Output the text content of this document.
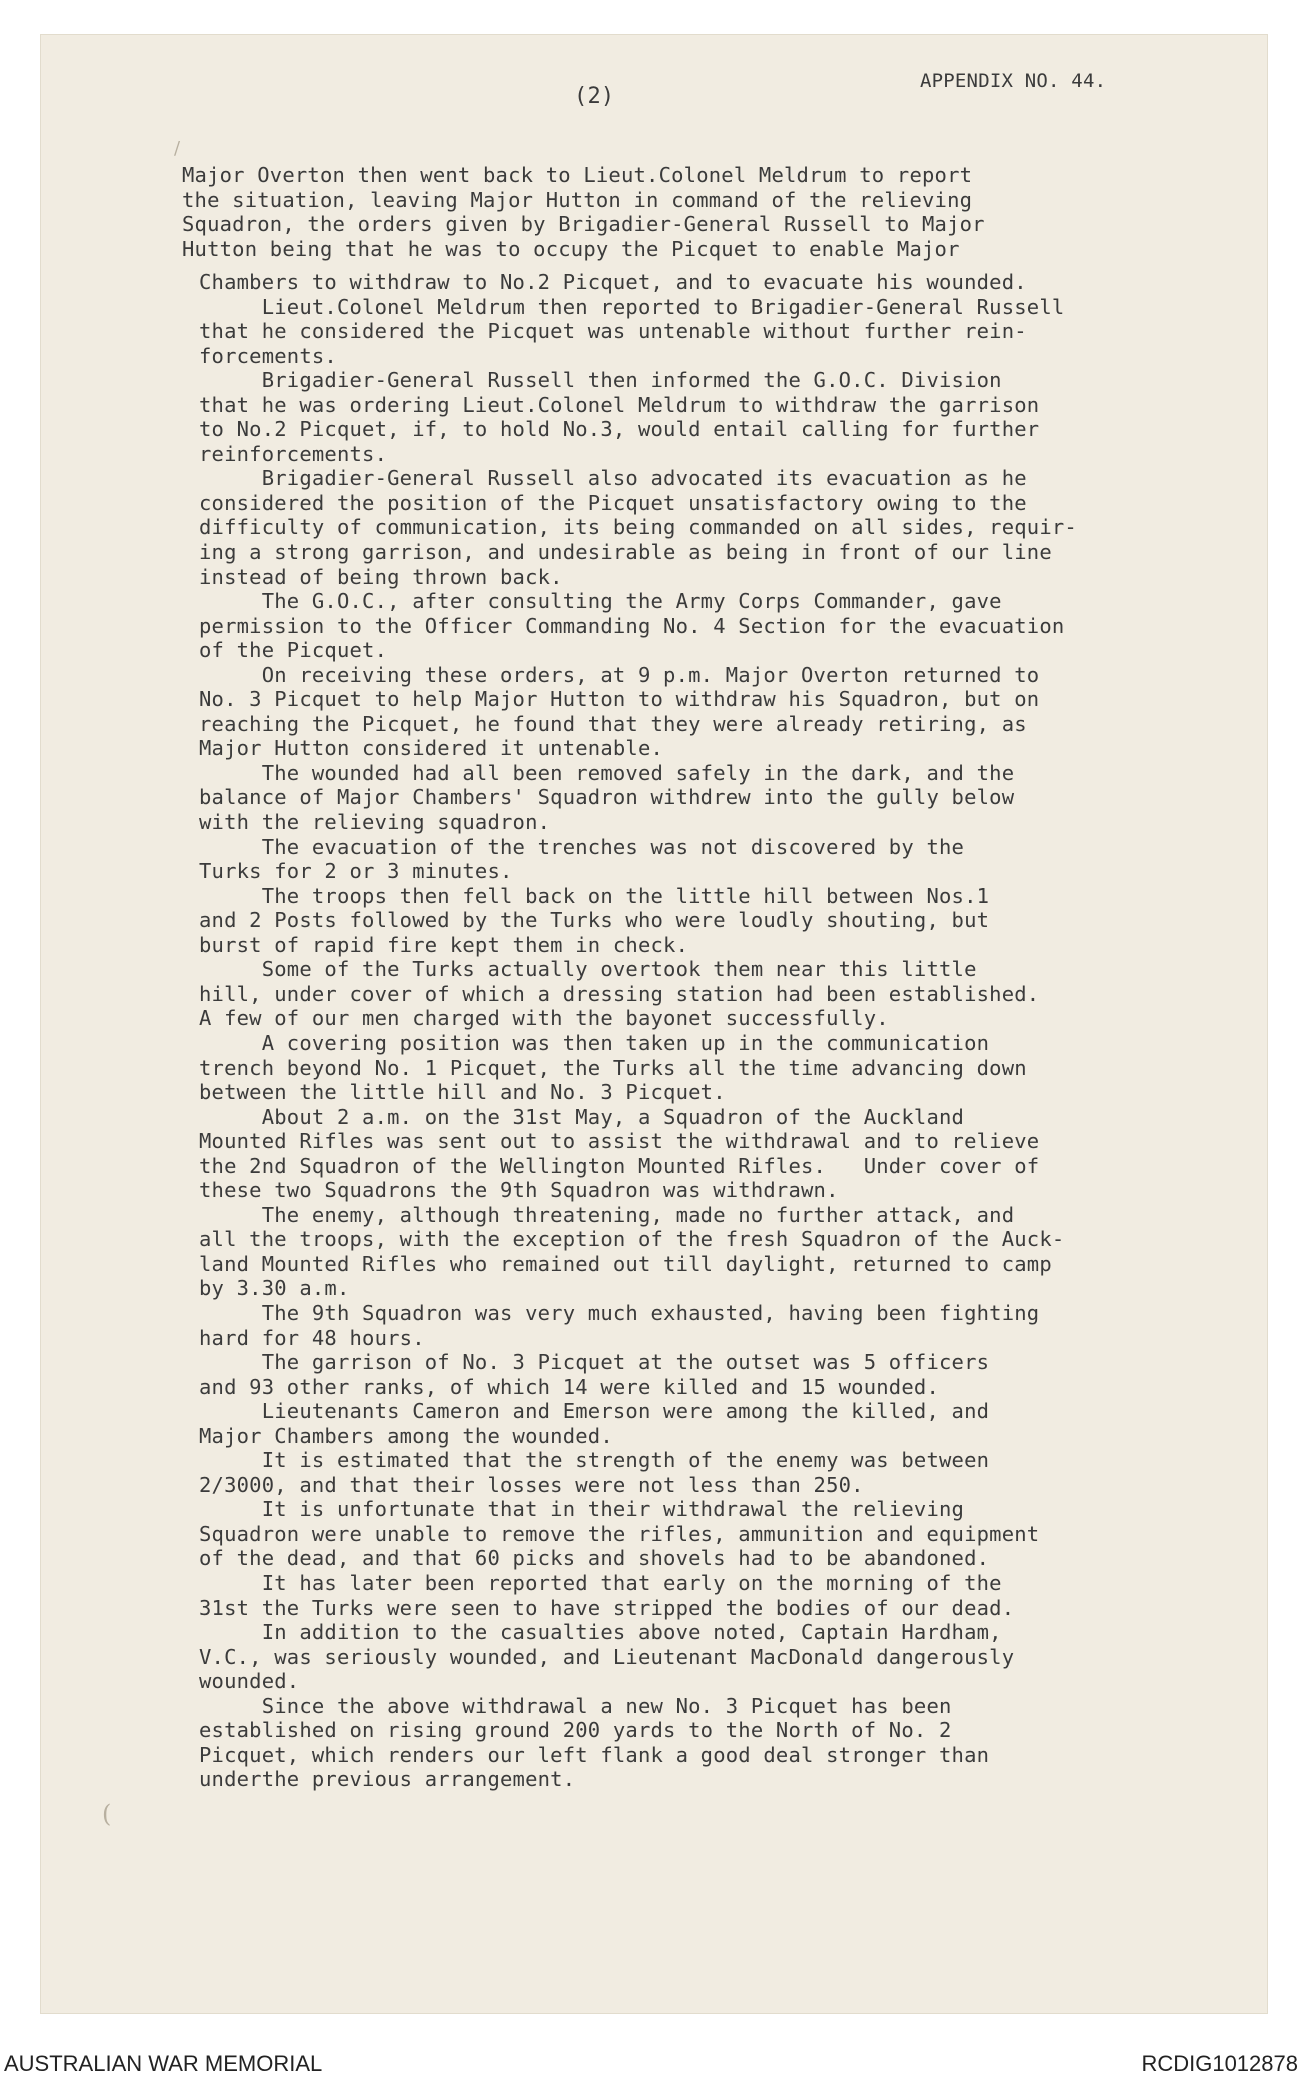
/
(
APPENDIX NO. 44.
(2)
Major Overton then went back to Lieut.Colonel Meldrum to report
the situation, leaving Major Hutton in command of the relieving
Squadron, the orders given by Brigadier-General Russell to Major
Hutton being that he was to occupy the Picquet to enable Major
Chambers to withdraw to No.2 Picquet, and to evacuate his wounded.
Lieut.Colonel Meldrum then reported to Brigadier-General Russell
that he considered the Picquet was untenable without further rein-
forcements.
Brigadier-General Russell then informed the G.O.C. Division
that he was ordering Lieut.Colonel Meldrum to withdraw the garrison
to No.2 Picquet, if, to hold No.3, would entail calling for further
reinforcements.
Brigadier-General Russell also advocated its evacuation as he
considered the position of the Picquet unsatisfactory owing to the
difficulty of communication, its being commanded on all sides, requir-
ing a strong garrison, and undesirable as being in front of our line
instead of being thrown back.
The G.O.C., after consulting the Army Corps Commander, gave
permission to the Officer Commanding No. 4 Section for the evacuation
of the Picquet.
On receiving these orders, at 9 p.m. Major Overton returned to
No. 3 Picquet to help Major Hutton to withdraw his Squadron, but on
reaching the Picquet, he found that they were already retiring, as
Major Hutton considered it untenable.
The wounded had all been removed safely in the dark, and the
balance of Major Chambers' Squadron withdrew into the gully below
with the relieving squadron.
The evacuation of the trenches was not discovered by the
Turks for 2 or 3 minutes.
The troops then fell back on the little hill between Nos.1
and 2 Posts followed by the Turks who were loudly shouting, but
burst of rapid fire kept them in check.
Some of the Turks actually overtook them near this little
hill, under cover of which a dressing station had been established.
A few of our men charged with the bayonet successfully.
A covering position was then taken up in the communication
trench beyond No. 1 Picquet, the Turks all the time advancing down
between the little hill and No. 3 Picquet.
About 2 a.m. on the 31st May, a Squadron of the Auckland
Mounted Rifles was sent out to assist the withdrawal and to relieve
the 2nd Squadron of the Wellington Mounted Rifles.   Under cover of
these two Squadrons the 9th Squadron was withdrawn.
The enemy, although threatening, made no further attack, and
all the troops, with the exception of the fresh Squadron of the Auck-
land Mounted Rifles who remained out till daylight, returned to camp
by 3.30 a.m.
The 9th Squadron was very much exhausted, having been fighting
hard for 48 hours.
The garrison of No. 3 Picquet at the outset was 5 officers
and 93 other ranks, of which 14 were killed and 15 wounded.
Lieutenants Cameron and Emerson were among the killed, and
Major Chambers among the wounded.
It is estimated that the strength of the enemy was between
2/3000, and that their losses were not less than 250.
It is unfortunate that in their withdrawal the relieving
Squadron were unable to remove the rifles, ammunition and equipment
of the dead, and that 60 picks and shovels had to be abandoned.
It has later been reported that early on the morning of the
31st the Turks were seen to have stripped the bodies of our dead.
In addition to the casualties above noted, Captain Hardham,
V.C., was seriously wounded, and Lieutenant MacDonald dangerously
wounded.
Since the above withdrawal a new No. 3 Picquet has been
established on rising ground 200 yards to the North of No. 2
Picquet, which renders our left flank a good deal stronger than
underthe previous arrangement.
AUSTRALIAN WAR MEMORIAL	RCDIG1012878
